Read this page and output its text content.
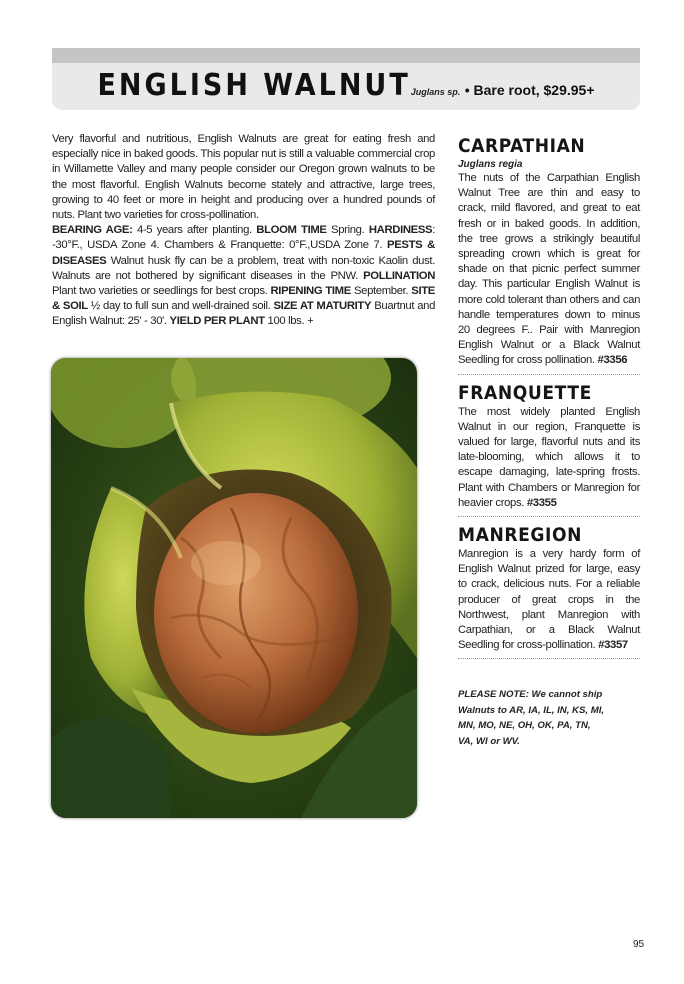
ENGLISH WALNUTJuglans sp. • Bare root, $29.95+

Very flavorful and nutritious, English Walnuts are great for eating fresh and especially nice in baked goods. This popular nut is still a valuable commercial crop in Willamette Valley and many people consider our Oregon grown walnuts to be the most flavorful. English Walnuts become stately and attractive, large trees, growing to 40 feet or more in height and producing over a hundred pounds of nuts. Plant two varieties for cross-pollination.

BEARING AGE: 4-5 years after planting. BLOOM TIME Spring. HARDINESS: -30°F., USDA Zone 4. Chambers & Franquette: 0°F.,USDA Zone 7. PESTS & DISEASES Walnut husk fly can be a problem, treat with non-toxic Kaolin dust. Walnuts are not bothered by significant diseases in the PNW. POLLINATION Plant two varieties or seedlings for best crops. RIPENING TIME September. SITE & SOIL ½ day to full sun and well-drained soil. SIZE AT MATURITY Buartnut and English Walnut: 25' - 30'. YIELD PER PLANT 100 lbs. +

CARPATHIAN
Juglans regia

The nuts of the Carpathian English Walnut Tree are thin and easy to crack, mild flavored, and great to eat fresh or in baked goods. In addition, the tree grows a strikingly beautiful spreading crown which is great for shade on that picnic perfect summer day. This particular English Walnut is more cold tolerant than others and can handle temperatures down to minus 20 degrees F.. Pair with Manregion English Walnut or a Black Walnut Seedling for cross pollination. #3356

FRANQUETTE

The most widely planted English Walnut in our region, Franquette is valued for large, flavorful nuts and its late-blooming, which allows it to escape damaging, late-spring frosts. Plant with Chambers or Manregion for heavier crops. #3355

MANREGION

Manregion is a very hardy form of English Walnut prized for large, easy to crack, delicious nuts. For a reliable producer of great crops in the Northwest, plant Manregion with Carpathian, or a Black Walnut Seedling for cross-pollination. #3357

PLEASE NOTE: We cannot ship Walnuts to AR, IA, IL, IN, KS, MI, MN, MO, NE, OH, OK, PA, TN, VA, WI or WV.
95
